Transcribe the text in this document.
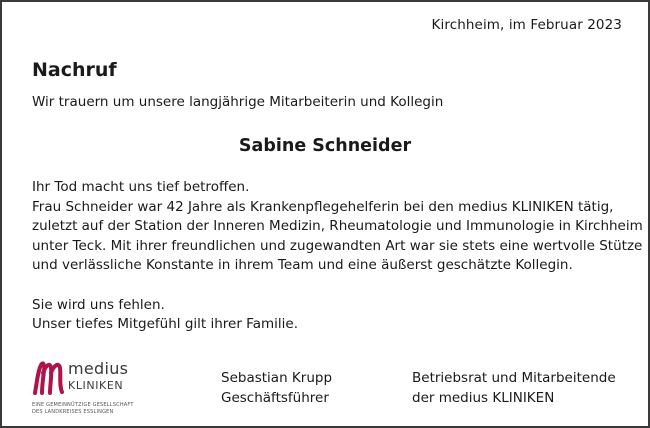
Kirchheim, im Februar 2023
Nachruf
Wir trauern um unsere langjährige Mitarbeiterin und Kollegin
Sabine Schneider
Ihr Tod macht uns tief betroffen.
Frau Schneider war 42 Jahre als Krankenpflegehelferin bei den medius KLINIKEN tätig,
zuletzt auf der Station der Inneren Medizin, Rheumatologie und Immunologie in Kirchheim
unter Teck. Mit ihrer freundlichen und zugewandten Art war sie stets eine wertvolle Stütze
und verlässliche Konstante in ihrem Team und eine äußerst geschätzte Kollegin.
Sie wird uns fehlen.
Unser tiefes Mitgefühl gilt ihrer Familie.
medius
KLINIKEN
EINE GEMEINNÜTZIGE GESELLSCHAFT
DES LANDKREISES ESSLINGEN
Sebastian Krupp
Geschäftsführer
Betriebsrat und Mitarbeitende
der medius KLINIKEN
